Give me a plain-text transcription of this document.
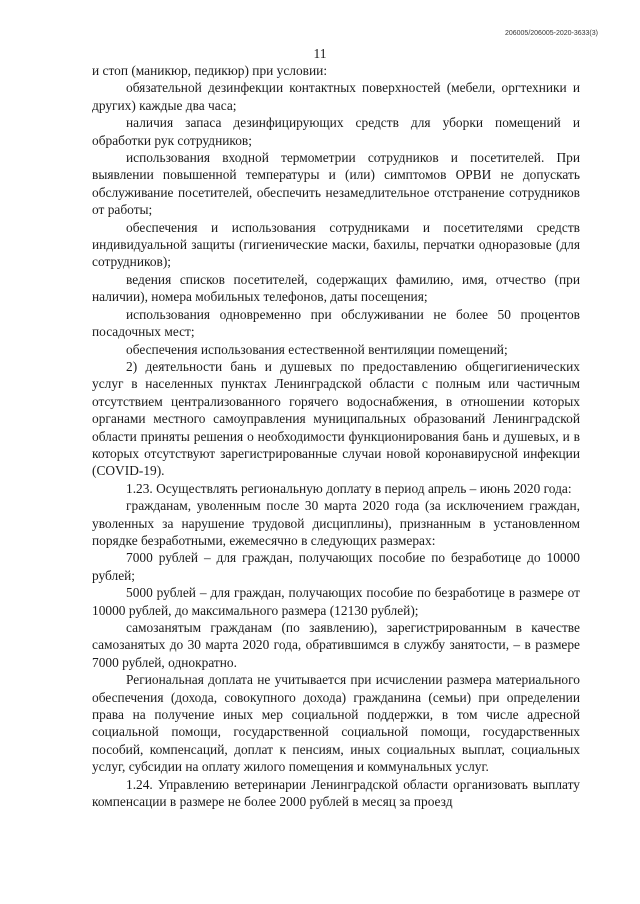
206005/206005-2020-3633(3)
11

и стоп (маникюр, педикюр) при условии:

обязательной дезинфекции контактных поверхностей (мебели, оргтехники и других) каждые два часа;

наличия запаса дезинфицирующих средств для уборки помещений и обработки рук сотрудников;

использования входной термометрии сотрудников и посетителей. При выявлении повышенной температуры и (или) симптомов ОРВИ не допускать обслуживание посетителей, обеспечить незамедлительное отстранение сотрудников от работы;

обеспечения и использования сотрудниками и посетителями средств индивидуальной защиты (гигиенические маски, бахилы, перчатки одноразовые (для сотрудников);

ведения списков посетителей, содержащих фамилию, имя, отчество (при наличии), номера мобильных телефонов, даты посещения;

использования одновременно при обслуживании не более 50 процентов посадочных мест;

обеспечения использования естественной вентиляции помещений;

2) деятельности бань и душевых по предоставлению общегигиенических услуг в населенных пунктах Ленинградской области с полным или частичным отсутствием централизованного горячего водоснабжения, в отношении которых органами местного самоуправления муниципальных образований Ленинградской области приняты решения о необходимости функционирования бань и душевых, и в которых отсутствуют зарегистрированные случаи новой коронавирусной инфекции (COVID-19).

1.23. Осуществлять региональную доплату в период апрель – июнь 2020 года:

гражданам, уволенным после 30 марта 2020 года (за исключением граждан, уволенных за нарушение трудовой дисциплины), признанным в установленном порядке безработными, ежемесячно в следующих размерах:

7000 рублей – для граждан, получающих пособие по безработице до 10000 рублей;

5000 рублей – для граждан, получающих пособие по безработице в размере от 10000 рублей, до максимального размера (12130 рублей);

самозанятым гражданам (по заявлению), зарегистрированным в качестве самозанятых до 30 марта 2020 года, обратившимся в службу занятости, – в размере 7000 рублей, однократно.

Региональная доплата не учитывается при исчислении размера материального обеспечения (дохода, совокупного дохода) гражданина (семьи) при определении права на получение иных мер социальной поддержки, в том числе адресной социальной помощи, государственной социальной помощи, государственных пособий, компенсаций, доплат к пенсиям, иных социальных выплат, социальных услуг, субсидии на оплату жилого помещения и коммунальных услуг.

1.24. Управлению ветеринарии Ленинградской области организовать выплату компенсации в размере не более 2000 рублей в месяц за проезд
